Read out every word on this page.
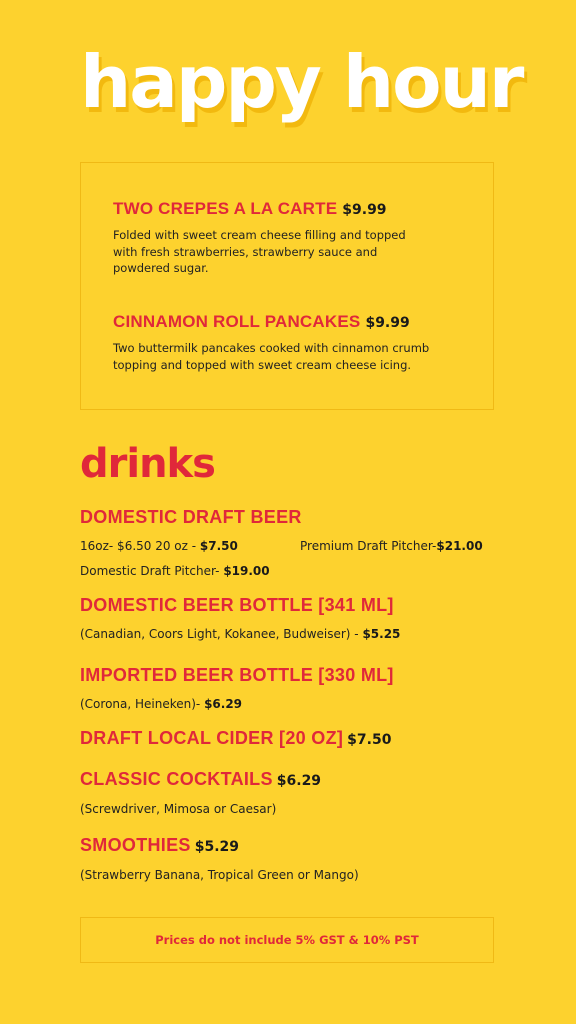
happy hour
TWO CREPES A LA CARTE $9.99
Folded with sweet cream cheese filling and topped
with fresh strawberries, strawberry sauce and
powdered sugar.
CINNAMON ROLL PANCAKES $9.99
Two buttermilk pancakes cooked with cinnamon crumb
topping and topped with sweet cream cheese icing.
drinks
DOMESTIC DRAFT BEER
16oz- $6.50 20 oz - $7.50	Premium Draft Pitcher-$21.00
Domestic Draft Pitcher- $19.00
DOMESTIC BEER BOTTLE [341 ML]
(Canadian, Coors Light, Kokanee, Budweiser) - $5.25
IMPORTED BEER BOTTLE [330 ML]
(Corona, Heineken)- $6.29
DRAFT LOCAL CIDER [20 OZ] $7.50
CLASSIC COCKTAILS $6.29
(Screwdriver, Mimosa or Caesar)
SMOOTHIES $5.29
(Strawberry Banana, Tropical Green or Mango)
Prices do not include 5% GST & 10% PST
